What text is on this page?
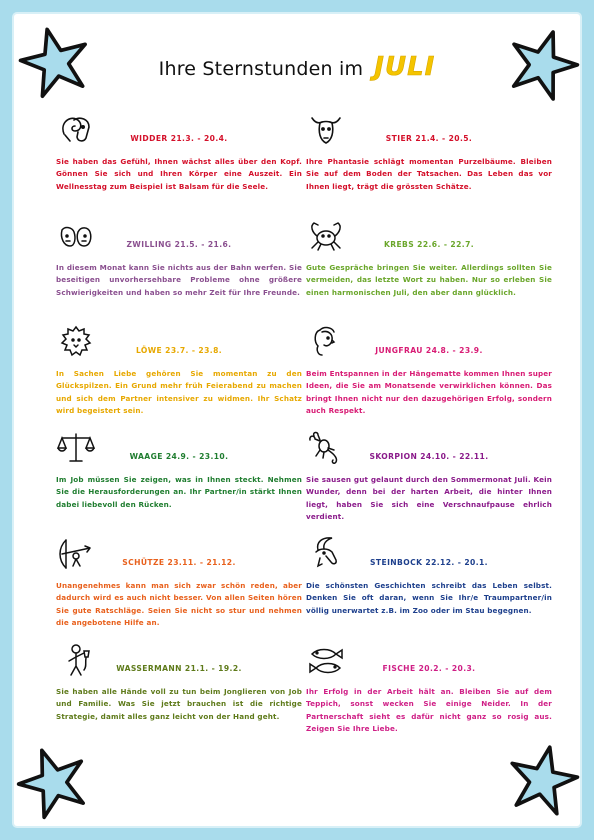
Ihre Sternstunden im JULI
WIDDER 21.3. - 20.4.

Sie haben das Gefühl, Ihnen wächst alles über den Kopf. Gönnen Sie sich und Ihren Körper eine Auszeit. Ein Wellnesstag zum Beispiel ist Balsam für die Seele.

STIER 21.4. - 20.5.

Ihre Phantasie schlägt momentan Purzelbäume. Bleiben Sie auf dem Boden der Tatsachen. Das Leben das vor Ihnen liegt, trägt die grössten Schätze.

ZWILLING 21.5. - 21.6.

In diesem Monat kann Sie nichts aus der Bahn werfen. Sie beseitigen unvorhersehbare Probleme ohne größere Schwierigkeiten und haben so mehr Zeit für Ihre Freunde.

KREBS 22.6. - 22.7.

Gute Gespräche bringen Sie weiter. Allerdings sollten Sie vermeiden, das letzte Wort zu haben. Nur so erleben Sie einen harmonischen Juli, den aber dann glücklich.

LÖWE 23.7. - 23.8.

In Sachen Liebe gehören Sie momentan zu den Glückspilzen. Ein Grund mehr früh Feierabend zu machen und sich dem Partner intensiver zu widmen. Ihr Schatz wird begeistert sein.

JUNGFRAU 24.8. - 23.9.

Beim Entspannen in der Hängematte kommen Ihnen super Ideen, die Sie am Monatsende verwirklichen können. Das bringt Ihnen nicht nur den dazugehörigen Erfolg, sondern auch Respekt.

WAAGE 24.9. - 23.10.

Im Job müssen Sie zeigen, was in Ihnen steckt. Nehmen Sie die Herausforderungen an. Ihr Partner/in stärkt Ihnen dabei liebevoll den Rücken.

SKORPION 24.10. - 22.11.

Sie sausen gut gelaunt durch den Sommermonat Juli. Kein Wunder, denn bei der harten Arbeit, die hinter Ihnen liegt, haben Sie sich eine Verschnaufpause ehrlich verdient.

SCHÜTZE 23.11. - 21.12.

Unangenehmes kann man sich zwar schön reden, aber dadurch wird es auch nicht besser. Von allen Seiten hören Sie gute Ratschläge. Seien Sie nicht so stur und nehmen die angebotene Hilfe an.

STEINBOCK 22.12. - 20.1.

Die schönsten Geschichten schreibt das Leben selbst. Denken Sie oft daran, wenn Sie Ihr/e Traumpartner/in völlig unerwartet z.B. im Zoo oder im Stau begegnen.

WASSERMANN 21.1. - 19.2.

Sie haben alle Hände voll zu tun beim Jonglieren von Job und Familie. Was Sie jetzt brauchen ist die richtige Strategie, damit alles ganz leicht von der Hand geht.

FISCHE 20.2. - 20.3.

Ihr Erfolg in der Arbeit hält an. Bleiben Sie auf dem Teppich, sonst wecken Sie einige Neider. In der Partnerschaft sieht es dafür nicht ganz so rosig aus. Zeigen Sie Ihre Liebe.
